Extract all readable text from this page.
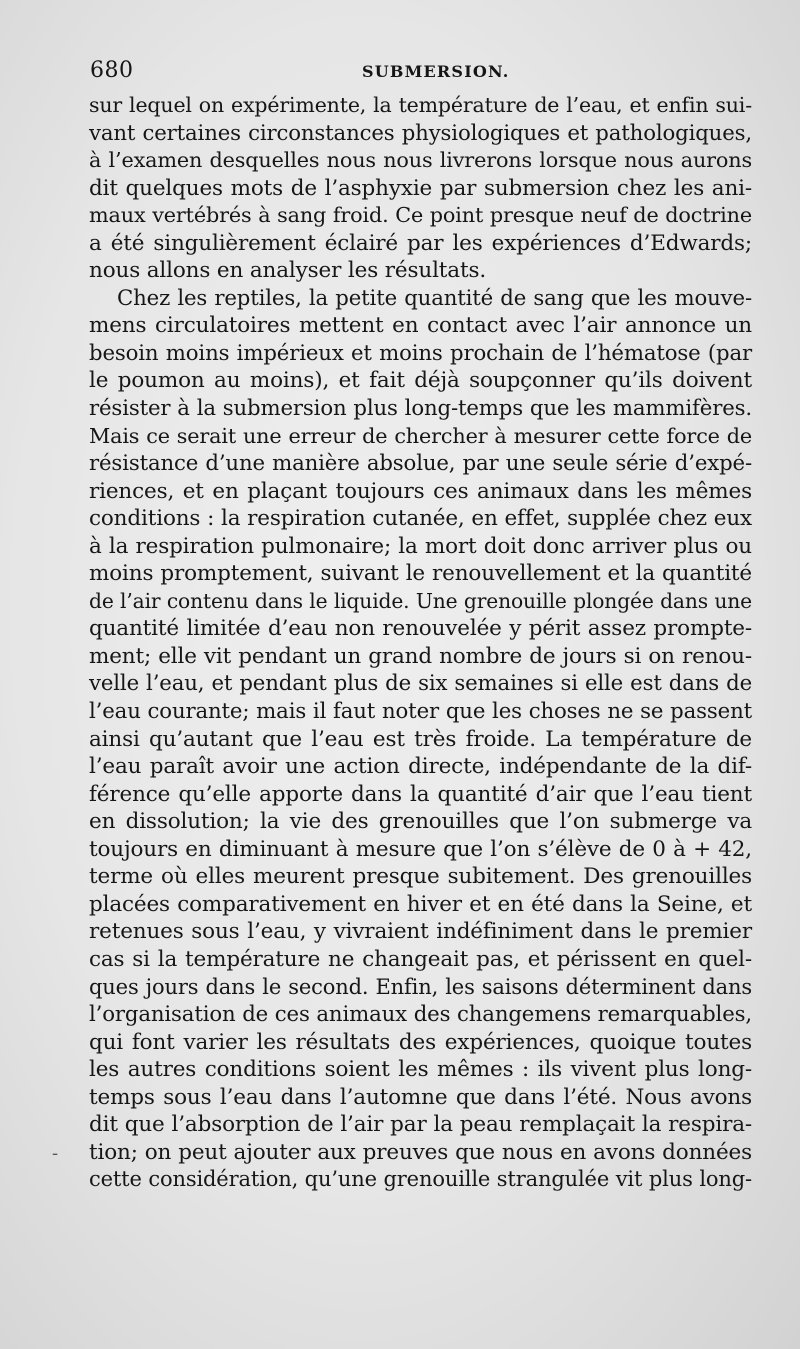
680	SUBMERSION.
sur lequel on expérimente, la température de l’eau, et enfin sui-
vant certaines circonstances physiologiques et pathologiques,
à l’examen desquelles nous nous livrerons lorsque nous aurons
dit quelques mots de l’asphyxie par submersion chez les ani-
maux vertébrés à sang froid. Ce point presque neuf de doctrine
a été singulièrement éclairé par les expériences d’Edwards;
nous allons en analyser les résultats.
Chez les reptiles, la petite quantité de sang que les mouve-
mens circulatoires mettent en contact avec l’air annonce un
besoin moins impérieux et moins prochain de l’hématose (par
le poumon au moins), et fait déjà soupçonner qu’ils doivent
résister à la submersion plus long-temps que les mammifères.
Mais ce serait une erreur de chercher à mesurer cette force de
résistance d’une manière absolue, par une seule série d’expé-
riences, et en plaçant toujours ces animaux dans les mêmes
conditions : la respiration cutanée, en effet, supplée chez eux
à la respiration pulmonaire; la mort doit donc arriver plus ou
moins promptement, suivant le renouvellement et la quantité
de l’air contenu dans le liquide. Une grenouille plongée dans une
quantité limitée d’eau non renouvelée y périt assez prompte-
ment; elle vit pendant un grand nombre de jours si on renou-
velle l’eau, et pendant plus de six semaines si elle est dans de
l’eau courante; mais il faut noter que les choses ne se passent
ainsi qu’autant que l’eau est très froide. La température de
l’eau paraît avoir une action directe, indépendante de la dif-
férence qu’elle apporte dans la quantité d’air que l’eau tient
en dissolution; la vie des grenouilles que l’on submerge va
toujours en diminuant à mesure que l’on s’élève de 0 à + 42,
terme où elles meurent presque subitement. Des grenouilles
placées comparativement en hiver et en été dans la Seine, et
retenues sous l’eau, y vivraient indéfiniment dans le premier
cas si la température ne changeait pas, et périssent en quel-
ques jours dans le second. Enfin, les saisons déterminent dans
l’organisation de ces animaux des changemens remarquables,
qui font varier les résultats des expériences, quoique toutes
les autres conditions soient les mêmes : ils vivent plus long-
temps sous l’eau dans l’automne que dans l’été. Nous avons
dit que l’absorption de l’air par la peau remplaçait la respira-
tion; on peut ajouter aux preuves que nous en avons données
cette considération, qu’une grenouille strangulée vit plus long-
-
